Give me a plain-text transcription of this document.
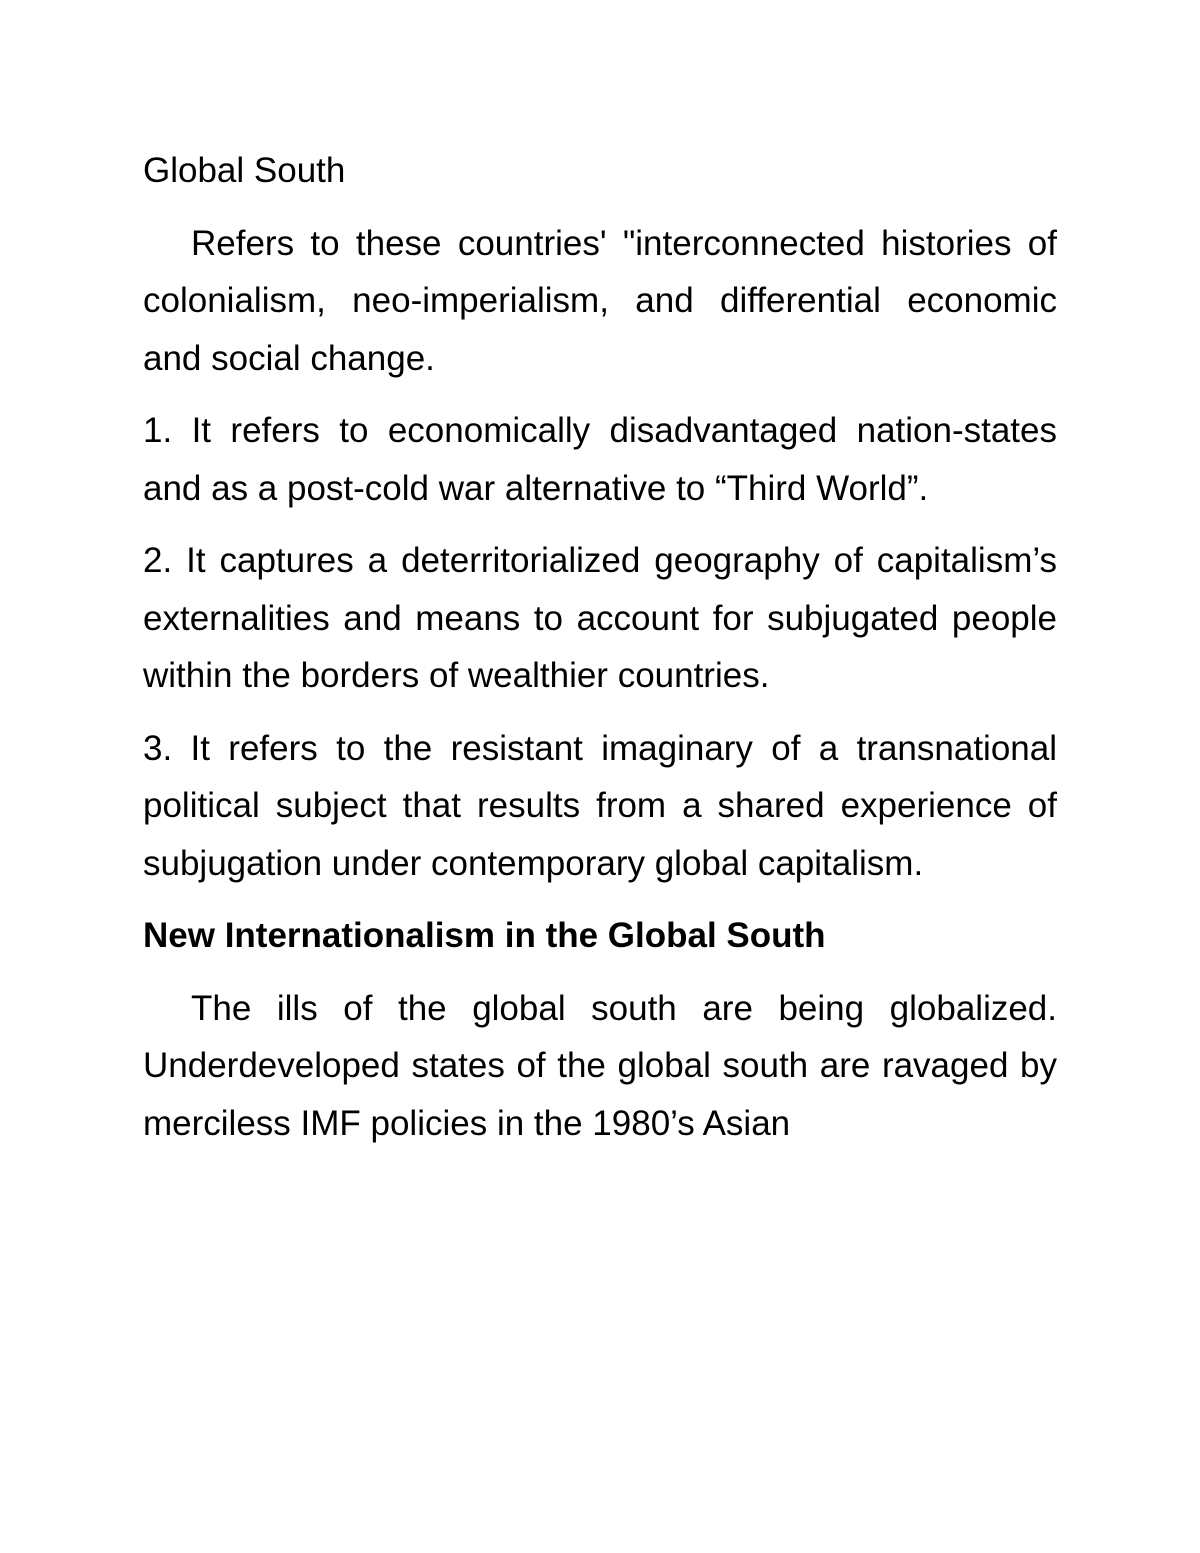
Global South

Refers to these countries' "interconnected histories of colonialism, neo-imperialism, and differential economic and social change.

1. It refers to economically disadvantaged nation-states and as a post-cold war alternative to “Third World”.

2. It captures a deterritorialized geography of capitalism’s externalities and means to account for subjugated people within the borders of wealthier countries.

3. It refers to the resistant imaginary of a transnational political subject that results from a shared experience of subjugation under contemporary global capitalism.

New Internationalism in the Global South

The ills of the global south are being globalized. Underdeveloped states of the global south are ravaged by merciless IMF policies in the 1980’s Asian
